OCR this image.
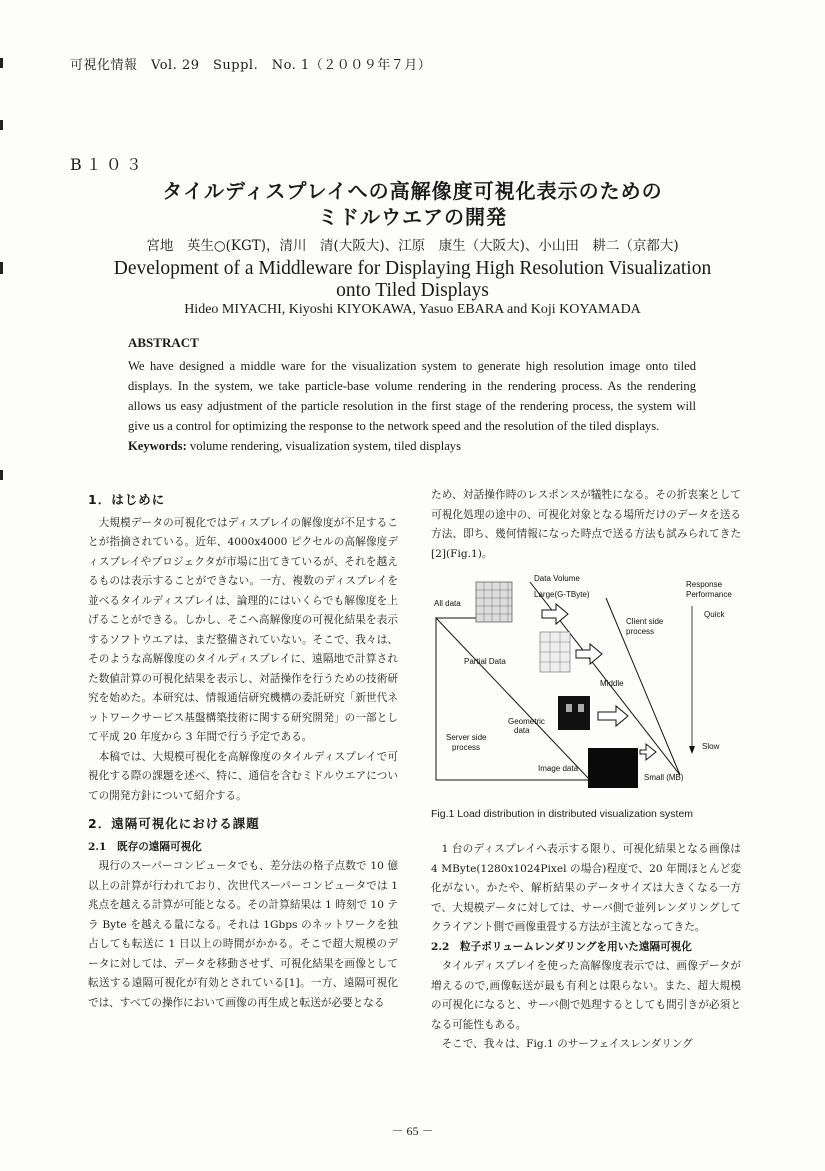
可視化情報　Vol. 29　Suppl.　No. 1（２００９年７月）
B１０３
タイルディスプレイへの高解像度可視化表示のための
ミドルウエアの開発
宮地　英生○(KGT)，清川　清(大阪大)、江原　康生（大阪大)、小山田　耕二（京都大)
Development of a Middleware for Displaying High Resolution Visualization
onto Tiled Displays
Hideo MIYACHI, Kiyoshi KIYOKAWA, Yasuo EBARA and Koji KOYAMADA
ABSTRACT
We have designed a middle ware for the visualization system to generate high resolution image onto tiled displays. In the system, we take particle-base volume rendering in the rendering process. As the rendering allows us easy adjustment of the particle resolution in the first stage of the rendering process, the system will give us a control for optimizing the response to the network speed and the resolution of the tiled displays.
Keywords: volume rendering, visualization system, tiled displays
1．はじめに

大規模データの可視化ではディスプレイの解像度が不足することが指摘されている。近年、4000x4000 ピクセルの高解像度ディスプレイやプロジェクタが市場に出てきているが、それを越えるものは表示することができない。一方、複数のディスプレイを並べるタイルディスプレイは、論理的にはいくらでも解像度を上げることができる。しかし、そこへ高解像度の可視化結果を表示するソフトウエアは、まだ整備されていない。そこで、我々は、そのような高解像度のタイルディスプレイに、遠隔地で計算された数値計算の可視化結果を表示し、対話操作を行うための技術研究を始めた。本研究は、情報通信研究機構の委託研究「新世代ネットワークサービス基盤構築技術に関する研究開発」の一部として平成 20 年度から 3 年間で行う予定である。

本稿では、大規模可視化を高解像度のタイルディスプレイで可視化する際の課題を述べ、特に、通信を含むミドルウエアについての開発方針について紹介する。

2．遠隔可視化における課題
2.1　既存の遠隔可視化

現行のスーパーコンピュータでも、差分法の格子点数で 10 億以上の計算が行われており、次世代スーパーコンピュータでは 1 兆点を越える計算が可能となる。その計算結果は 1 時刻で 10 テラ Byte を越える量になる。それは 1Gbps のネットワークを独占しても転送に 1 日以上の時間がかかる。そこで超大規模のデータに対しては、データを移動させず、可視化結果を画像として転送する遠隔可視化が有効とされている[1]。一方、遠隔可視化では、すべての操作において画像の再生成と転送が必要となる

ため、対話操作時のレスポンスが犠牲になる。その折衷案として可視化処理の途中の、可視化対象となる場所だけのデータを送る方法、即ち、幾何情報になった時点で送る方法も試みられてきた[2](Fig.1)。

Data Volume
Large(G-TByte)
Response
Performance
All data
Quick
Client side
process
Partial Data
Middle
Geometric
data
Server side
process	Slow
Image data
Small (MB)
Fig.1 Load distribution in distributed visualization system

1 台のディスプレイへ表示する限り、可視化結果となる画像は 4 MByte(1280x1024Pixel の場合)程度で、20 年間ほとんど変化がない。かたや、解析結果のデータサイズは大きくなる一方で、大規模データに対しては、サーバ側で並列レンダリングしてクライアント側で画像重畳する方法が主流となってきた。

2.2　粒子ボリュームレンダリングを用いた遠隔可視化

タイルディスプレイを使った高解像度表示では、画像データが増えるので,画像転送が最も有利とは限らない。また、超大規模の可視化になると、サーバ側で処理するとしても間引きが必須となる可能性もある。

そこで、我々は、Fig.1 のサーフェイスレンダリング

－ 65 －
